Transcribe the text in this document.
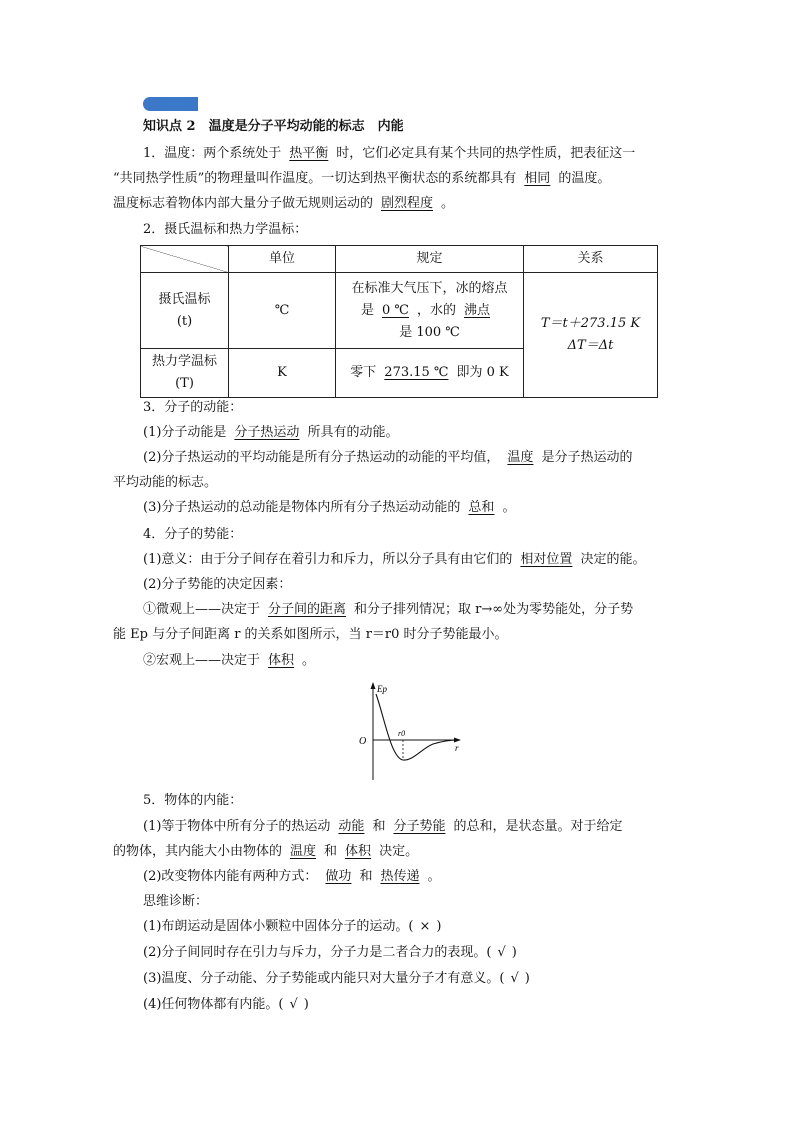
知识点 2　温度是分子平均动能的标志　内能
1．温度：两个系统处于 热平衡 时，它们必定具有某个共同的热学性质，把表征这一
“共同热学性质”的物理量叫作温度。一切达到热平衡状态的系统都具有 相同 的温度。
温度标志着物体内部大量分子做无规则运动的 剧烈程度 。
2．摄氏温标和热力学温标：
	单位	规定	关系

摄氏温标
(t)	℃	在标准大气压下，冰的熔点
是 0 ℃ ，水的 沸点
是 100 ℃	T＝t＋273.15 K
ΔT＝Δt

热力学温标
(T)	K	零下 273.15 ℃ 即为 0 K	
3．分子的动能：
(1)分子动能是 分子热运动 所具有的动能。
(2)分子热运动的平均动能是所有分子热运动的动能的平均值， 温度 是分子热运动的
平均动能的标志。
(3)分子热运动的总动能是物体内所有分子热运动动能的 总和 。
4．分子的势能：
(1)意义：由于分子间存在着引力和斥力，所以分子具有由它们的 相对位置 决定的能。
(2)分子势能的决定因素：
①微观上——决定于 分子间的距离 和分子排列情况；取 r→∞处为零势能处，分子势
能 Ep 与分子间距离 r 的关系如图所示，当 r＝r0 时分子势能最小。
②宏观上——决定于 体积 。
Ep
r
O
r0
5．物体的内能：
(1)等于物体中所有分子的热运动 动能 和 分子势能 的总和，是状态量。对于给定
的物体，其内能大小由物体的 温度 和 体积 决定。
(2)改变物体内能有两种方式： 做功 和 热传递 。
思维诊断：
(1)布朗运动是固体小颗粒中固体分子的运动。( × )
(2)分子间同时存在引力与斥力，分子力是二者合力的表现。( √ )
(3)温度、分子动能、分子势能或内能只对大量分子才有意义。( √ )
(4)任何物体都有内能。( √ )
